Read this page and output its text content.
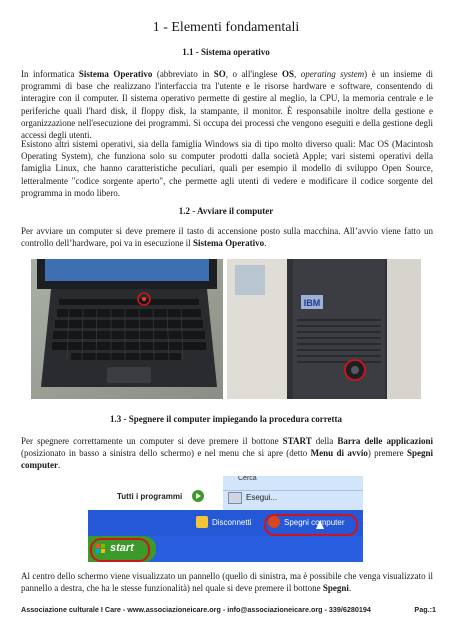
1 - Elementi fondamentali
1.1 - Sistema operativo

In informatica Sistema Operativo (abbreviato in SO, o all'inglese OS, operating system) è un insieme di programmi di base che realizzano l'interfaccia tra l'utente e le risorse hardware e software, consentendo di interagire con il computer. Il sistema operativo permette di gestire al meglio, la CPU, la memoria centrale e le periferiche quali l'hard disk, il floppy disk, la stampante, il monitor. È responsabile inoltre della gestione e organizzazione nell'esecuzione dei programmi. Si occupa dei processi che vengono eseguiti e della gestione degli accessi degli utenti.

Esistono altri sistemi operativi, sia della famiglia Windows sia di tipo molto diverso quali: Mac OS (Macintosh Operating System), che funziona solo su computer prodotti dalla società Apple; vari sistemi operativi della famiglia Linux, che hanno caratteristiche peculiari, quali per esempio il modello di sviluppo Open Source, letteralmente "codice sorgente aperto", che permette agli utenti di vedere e modificare il codice sorgente del programma in modo libero.

1.2 - Avviare il computer

Per avviare un computer si deve premere il tasto di accensione posto sulla macchina. All’avvio viene fatto un controllo dell’hardware, poi va in esecuzione il Sistema Operativo.

IBM
1.3 - Spegnere il computer impiegando la procedura corretta

Per spegnere correttamente un computer si deve premere il bottone START della Barra delle applicazioni (posizionato in basso a sinistra dello schermo) e nel menu che si apre (detto Menu di avvio) premere Spegni computer.

Cerca
Tutti i programmi	Esegui...
Disconnetti	Spegni computer
start

Al centro dello schermo viene visualizzato un pannello (quello di sinistra, ma è possibile che venga visualizzato il pannello a destra, che ha le stesse funzionalità) nel quale si deve premere il bottone Spegni.

Associazione culturale I Care - www.associazioneicare.org - info@associazioneicare.org - 339/6280194	Pag.:1
